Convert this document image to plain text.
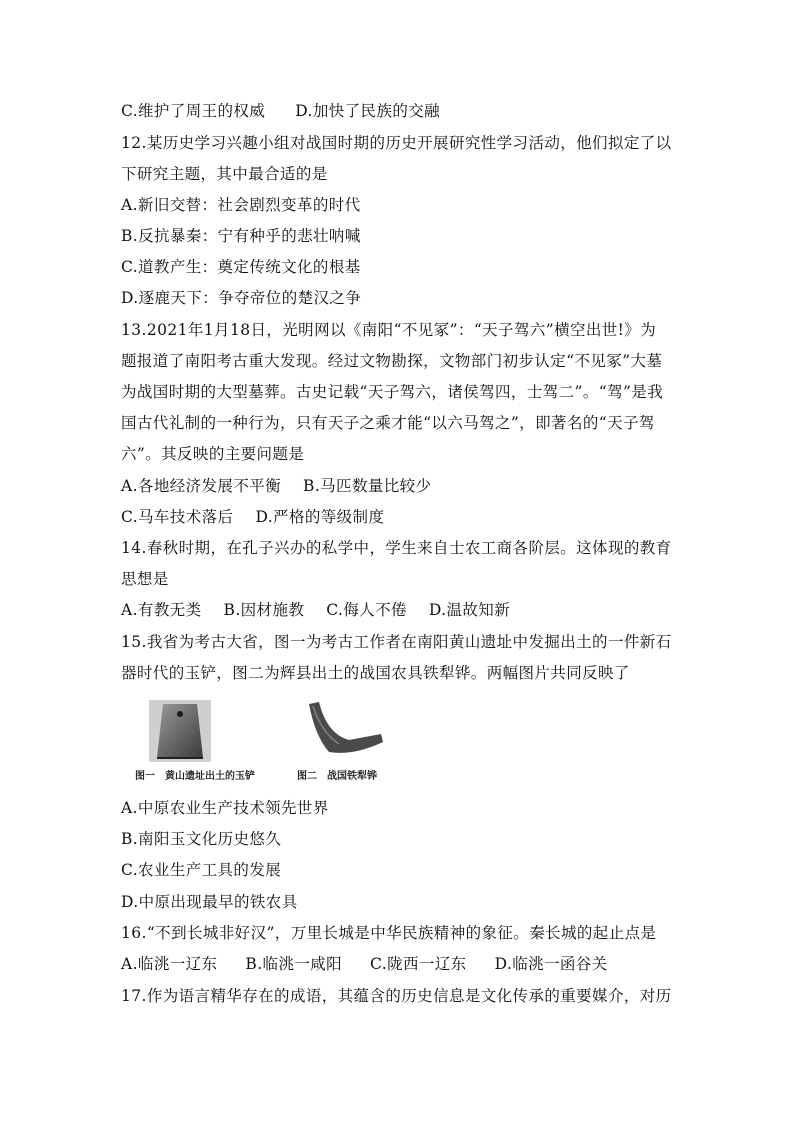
C.维护了周王的权威 D.加快了民族的交融
12.某历史学习兴趣小组对战国时期的历史开展研究性学习活动，他们拟定了以
下研究主题，其中最合适的是
A.新旧交替：社会剧烈变革的时代
B.反抗暴秦：宁有种乎的悲壮呐喊
C.道教产生：奠定传统文化的根基
D.逐鹿天下：争夺帝位的楚汉之争
13.2021年1月18日，光明网以《南阳“不见冢”：“天子驾六”横空出世!》为
题报道了南阳考古重大发现。经过文物勘探，文物部门初步认定“不见冢”大墓
为战国时期的大型墓葬。古史记载“天子驾六，诸侯驾四，士驾二”。“驾”是我
国古代礼制的一种行为，只有天子之乘才能“以六马驾之”，即著名的“天子驾
六”。其反映的主要问题是
A.各地经济发展不平衡 B.马匹数量比较少
C.马车技术落后 D.严格的等级制度
14.春秋时期，在孔子兴办的私学中，学生来自士农工商各阶层。这体现的教育
思想是
A.有教无类 B.因材施教 C.侮人不倦 D.温故知新
15.我省为考古大省，图一为考古工作者在南阳黄山遗址中发掘出土的一件新石
器时代的玉铲，图二为辉县出土的战国农具铁犁铧。两幅图片共同反映了
图一　黄山遗址出土的玉铲	图二　战国铁犁铧
A.中原农业生产技术领先世界
B.南阳玉文化历史悠久
C.农业生产工具的发展
D.中原出现最早的铁农具
16.“不到长城非好汉”，万里长城是中华民族精神的象征。秦长城的起止点是
A.临洮一辽东 B.临洮一咸阳 C.陇西一辽东 D.临洮一函谷关
17.作为语言精华存在的成语，其蕴含的历史信息是文化传承的重要媒介，对历
